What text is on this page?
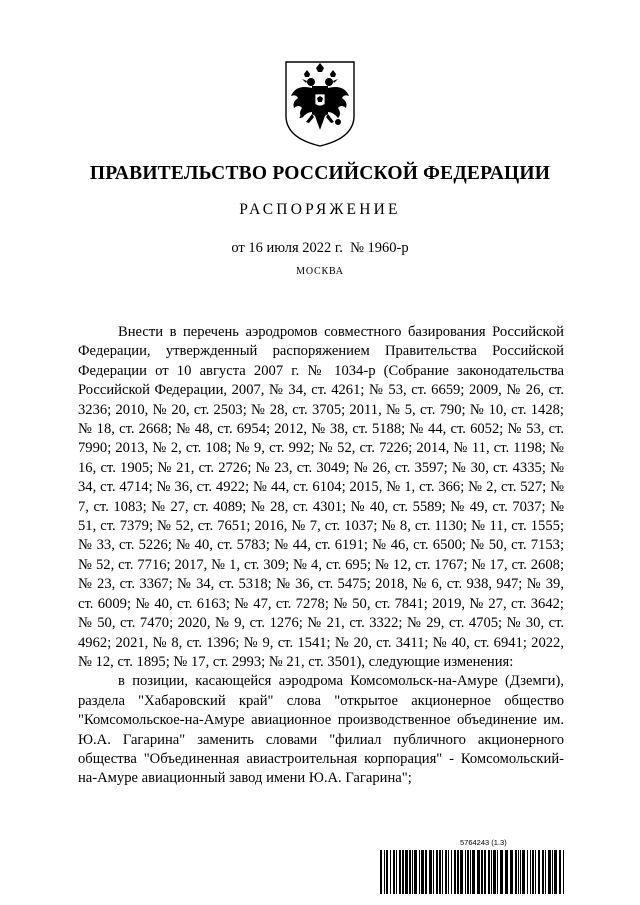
ПРАВИТЕЛЬСТВО РОССИЙСКОЙ ФЕДЕРАЦИИ
РАСПОРЯЖЕНИЕ
от 16 июля 2022 г. № 1960-р
МОСКВА

Внести в перечень аэродромов совместного базирования Российской Федерации, утвержденный распоряжением Правительства Российской Федерации от 10 августа 2007 г. № 1034-р (Собрание законодательства Российской Федерации, 2007, № 34, ст. 4261; № 53, ст. 6659; 2009, № 26, ст. 3236; 2010, № 20, ст. 2503; № 28, ст. 3705; 2011, № 5, ст. 790; № 10, ст. 1428; № 18, ст. 2668; № 48, ст. 6954; 2012, № 38, ст. 5188; № 44, ст. 6052; № 53, ст. 7990; 2013, № 2, ст. 108; № 9, ст. 992; № 52, ст. 7226; 2014, № 11, ст. 1198; № 16, ст. 1905; № 21, ст. 2726; № 23, ст. 3049; № 26, ст. 3597; № 30, ст. 4335; № 34, ст. 4714; № 36, ст. 4922; № 44, ст. 6104; 2015, № 1, ст. 366; № 2, ст. 527; № 7, ст. 1083; № 27, ст. 4089; № 28, ст. 4301; № 40, ст. 5589; № 49, ст. 7037; № 51, ст. 7379; № 52, ст. 7651; 2016, № 7, ст. 1037; № 8, ст. 1130; № 11, ст. 1555; № 33, ст. 5226; № 40, ст. 5783; № 44, ст. 6191; № 46, ст. 6500; № 50, ст. 7153; № 52, ст. 7716; 2017, № 1, ст. 309; № 4, ст. 695; № 12, ст. 1767; № 17, ст. 2608; № 23, ст. 3367; № 34, ст. 5318; № 36, ст. 5475; 2018, № 6, ст. 938, 947; № 39, ст. 6009; № 40, ст. 6163; № 47, ст. 7278; № 50, ст. 7841; 2019, № 27, ст. 3642; № 50, ст. 7470; 2020, № 9, ст. 1276; № 21, ст. 3322; № 29, ст. 4705; № 30, ст. 4962; 2021, № 8, ст. 1396; № 9, ст. 1541; № 20, ст. 3411; № 40, ст. 6941; 2022, № 12, ст. 1895; № 17, ст. 2993; № 21, ст. 3501), следующие изменения:

в позиции, касающейся аэродрома Комсомольск-на-Амуре (Дземги), раздела "Хабаровский край" слова "открытое акционерное общество "Комсомольское-на-Амуре авиационное производственное объединение им. Ю.А. Гагарина" заменить словами "филиал публичного акционерного общества "Объединенная авиастроительная корпорация" - Комсомольский-на-Амуре авиационный завод имени Ю.А. Гагарина";

5764243 (1.3)
